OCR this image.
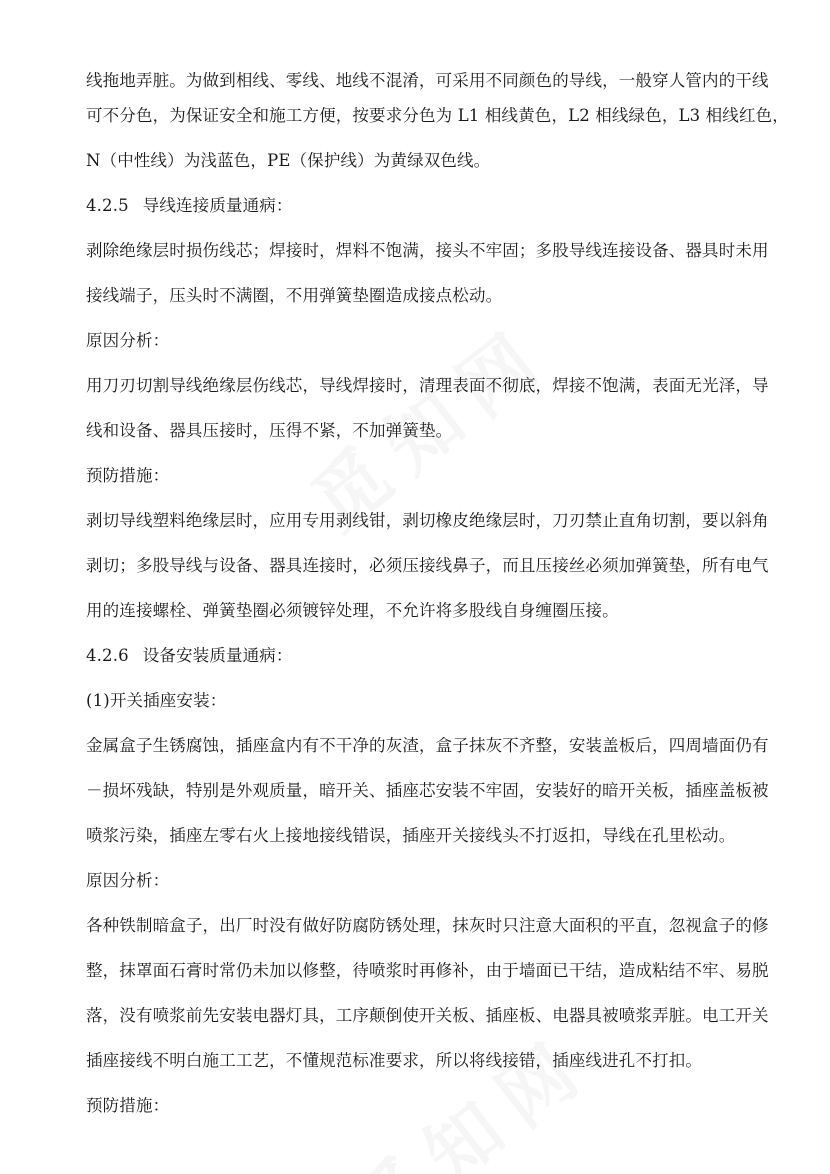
线拖地弄脏。为做到相线、零线、地线不混淆，可采用不同颜色的导线，一般穿人管内的干线
可不分色，为保证安全和施工方便，按要求分色为 L1 相线黄色，L2 相线绿色，L3 相线红色，
N（中性线）为浅蓝色，PE（保护线）为黄绿双色线。
4.2.5 导线连接质量通病：
剥除绝缘层时损伤线芯；焊接时，焊料不饱满，接头不牢固；多股导线连接设备、器具时未用
接线端子，压头时不满圈，不用弹簧垫圈造成接点松动。
原因分析：
用刀刃切割导线绝缘层伤线芯，导线焊接时，清理表面不彻底，焊接不饱满，表面无光泽，导
线和设备、器具压接时，压得不紧，不加弹簧垫。
预防措施：
剥切导线塑料绝缘层时，应用专用剥线钳，剥切橡皮绝缘层时，刀刃禁止直角切割，要以斜角
剥切；多股导线与设备、器具连接时，必须压接线鼻子，而且压接丝必须加弹簧垫，所有电气
用的连接螺栓、弹簧垫圈必须镀锌处理，不允许将多股线自身缠圈压接。
4.2.6 设备安装质量通病：
(1)开关插座安装：
金属盒子生锈腐蚀，插座盒内有不干净的灰渣，盒子抹灰不齐整，安装盖板后，四周墙面仍有
－损坏残缺，特别是外观质量，暗开关、插座芯安装不牢固，安装好的暗开关板，插座盖板被
喷浆污染，插座左零右火上接地接线错误，插座开关接线头不打返扣，导线在孔里松动。
原因分析：
各种铁制暗盒子，出厂时没有做好防腐防锈处理，抹灰时只注意大面积的平直，忽视盒子的修
整，抹罩面石膏时常仍未加以修整，待喷浆时再修补，由于墙面已干结，造成粘结不牢、易脱
落，没有喷浆前先安装电器灯具，工序颠倒使开关板、插座板、电器具被喷浆弄脏。电工开关
插座接线不明白施工工艺，不懂规范标准要求，所以将线接错，插座线进孔不打扣。
预防措施：
